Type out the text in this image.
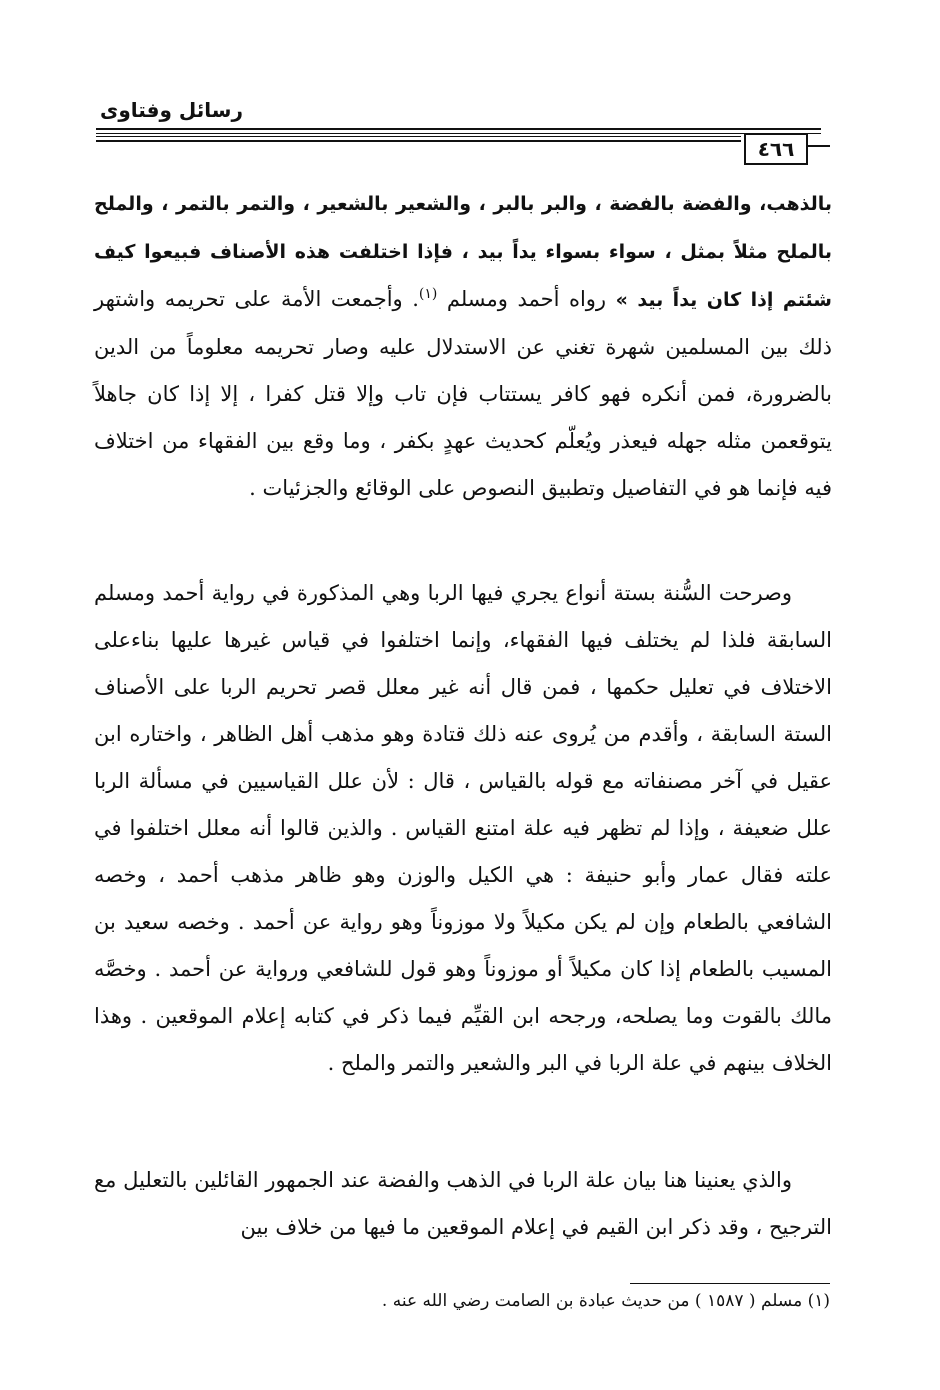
رسائل وفتاوى
٤٦٦

بالذهب، والفضة بالفضة ، والبر بالبر ، والشعير بالشعير ، والتمر بالتمر ، والملح بالملح مثلاً بمثل ، سواء بسواء يداً بيد ، فإذا اختلفت هذه الأصناف فبيعوا كيف شئتم إذا كان يداً بيد » رواه أحمد ومسلم $^{(١)}$. وأجمعت الأمة على تحريمه واشتهر ذلك بين المسلمين شهرة تغني عن الاستدلال عليه وصار تحريمه معلوماً من الدين بالضرورة، فمن أنكره فهو كافر يستتاب فإن تاب وإلا قتل كفرا ، إلا إذا كان جاهلاً يتوقعمن مثله جهله فيعذر ويُعلّم كحديث عهدٍ بكفر ، وما وقع بين الفقهاء من اختلاف فيه فإنما هو في التفاصيل وتطبيق النصوص على الوقائع والجزئيات .

وصرحت السُّنة بستة أنواع يجري فيها الربا وهي المذكورة في رواية أحمد ومسلم السابقة فلذا لم يختلف فيها الفقهاء، وإنما اختلفوا في قياس غيرها عليها بناءعلى الاختلاف في تعليل حكمها ، فمن قال أنه غير معلل قصر تحريم الربا على الأصناف الستة السابقة ، وأقدم من يُروى عنه ذلك قتادة وهو مذهب أهل الظاهر ، واختاره ابن عقيل في آخر مصنفاته مع قوله بالقياس ، قال : لأن علل القياسيين في مسألة الربا علل ضعيفة ، وإذا لم تظهر فيه علة امتنع القياس . والذين قالوا أنه معلل اختلفوا في علته فقال عمار وأبو حنيفة : هي الكيل والوزن وهو ظاهر مذهب أحمد ، وخصه الشافعي بالطعام وإن لم يكن مكيلاً ولا موزوناً وهو رواية عن أحمد . وخصه سعيد بن المسيب بالطعام إذا كان مكيلاً أو موزوناً وهو قول للشافعي ورواية عن أحمد . وخصَّه مالك بالقوت وما يصلحه، ورجحه ابن القيِّم فيما ذكر في كتابه إعلام الموقعين . وهذا الخلاف بينهم في علة الربا في البر والشعير والتمر والملح .

والذي يعنينا هنا بيان علة الربا في الذهب والفضة عند الجمهور القائلين بالتعليل مع الترجيح ، وقد ذكر ابن القيم في إعلام الموقعين ما فيها من خلاف بين

(١) مسلم ( ١٥٨٧ ) من حديث عبادة بن الصامت رضي الله عنه .
